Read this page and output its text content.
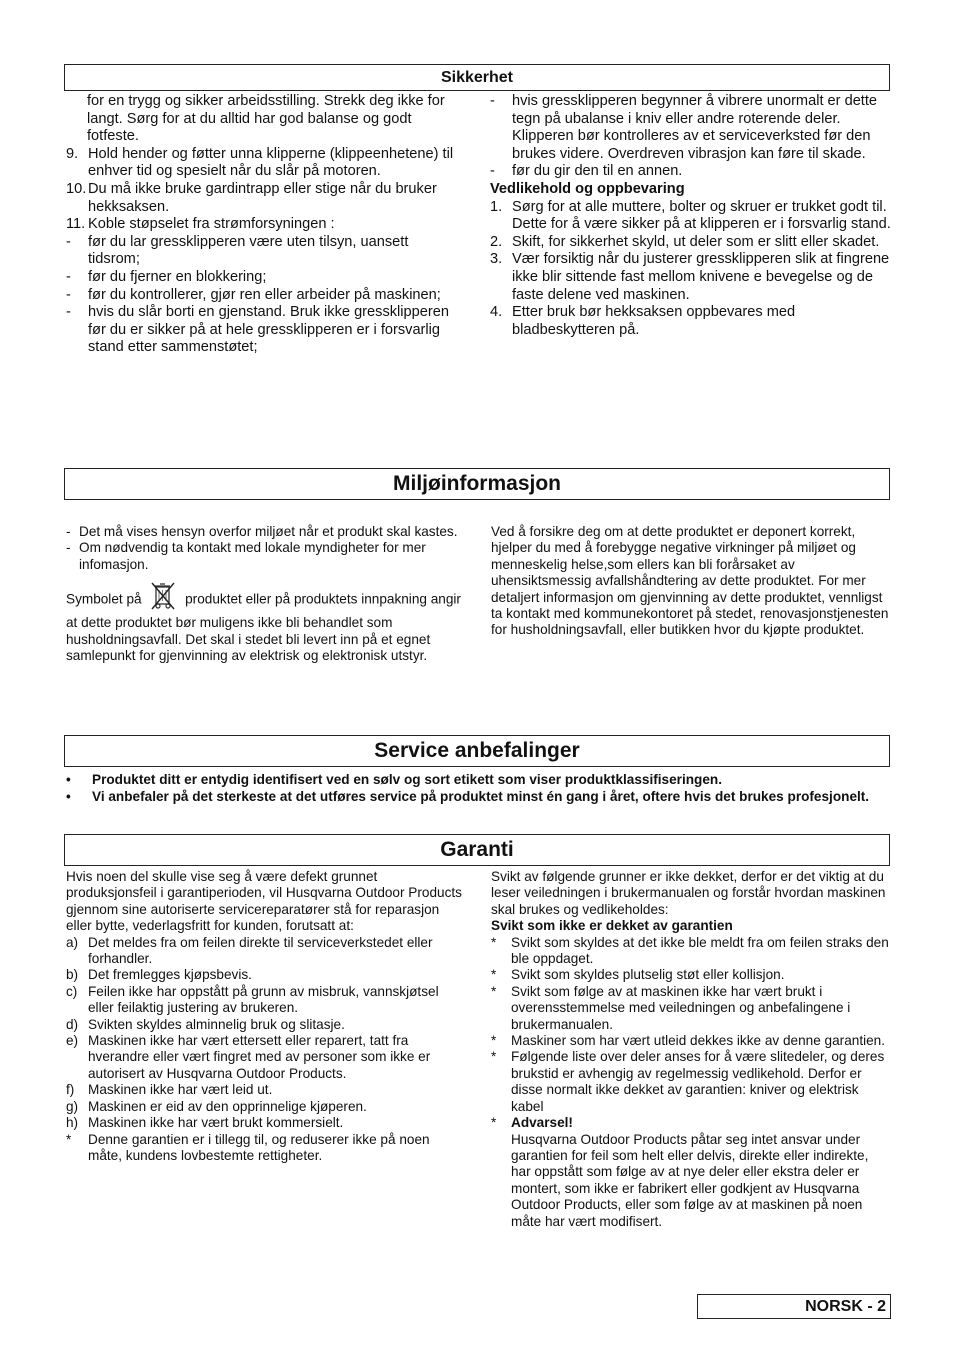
Sikkerhet
for en trygg og sikker arbeidsstilling. Strekk deg ikke for langt. Sørg for at du alltid har god balanse og godt fotfeste.
9. Hold hender og føtter unna klipperne (klippeenhetene) til enhver tid og spesielt når du slår på motoren.
10. Du må ikke bruke gardintrapp eller stige når du bruker hekksaksen.
11. Koble støpselet fra strømforsyningen :
-	før du lar gressklipperen være uten tilsyn, uansett tidsrom;
-	før du fjerner en blokkering;
-	før du kontrollerer, gjør ren eller arbeider på maskinen;
-	hvis du slår borti en gjenstand. Bruk ikke gressklipperen før du er sikker på at hele gressklipperen er i forsvarlig stand etter sammenstøtet;
-	hvis gressklipperen begynner å vibrere unormalt er dette tegn på ubalanse i kniv eller andre roterende deler. Klipperen bør kontrolleres av et serviceverksted før den brukes videre. Overdreven vibrasjon kan føre til skade.
-	før du gir den til en annen.
Vedlikehold og oppbevaring
1. Sørg for at alle muttere, bolter og skruer er trukket godt til. Dette for å være sikker på at klipperen er i forsvarlig stand.
2. Skift, for sikkerhet skyld, ut deler som er slitt eller skadet.
3. Vær forsiktig når du justerer gressklipperen slik at fingrene ikke blir sittende fast mellom knivene e bevegelse og de faste delene ved maskinen.
4. Etter bruk bør hekksaksen oppbevares med bladbeskytteren på.
Miljøinformasjon
- Det må vises hensyn overfor miljøet når et produkt skal kastes.
- Om nødvendig ta kontakt med lokale myndigheter for mer infomasjon.
Symbolet på	produktet eller på produktets innpakning angir at dette produktet bør muligens ikke bli behandlet som husholdningsavfall. Det skal i stedet bli levert inn på et egnet samlepunkt for gjenvinning av elektrisk og elektronisk utstyr.
Ved å forsikre deg om at dette produktet er deponert korrekt, hjelper du med å forebygge negative virkninger på miljøet og menneskelig helse,som ellers kan bli forårsaket av uhensiktsmessig avfallshåndtering av dette produktet. For mer detaljert informasjon om gjenvinning av dette produktet, vennligst ta kontakt med kommunekontoret på stedet, renovasjonstjenesten for husholdningsavfall, eller butikken hvor du kjøpte produktet.
Service anbefalinger
•	Produktet ditt er entydig identifisert ved en sølv og sort etikett som viser produktklassifiseringen.
•	Vi anbefaler på det sterkeste at det utføres service på produktet minst én gang i året, oftere hvis det brukes profesjonelt.
Garanti
Hvis noen del skulle vise seg å være defekt grunnet produksjonsfeil i garantiperioden, vil Husqvarna Outdoor Products gjennom sine autoriserte servicereparatører stå for reparasjon eller bytte, vederlagsfritt for kunden, forutsatt at:
a) Det meldes fra om feilen direkte til serviceverkstedet eller forhandler.
b) Det fremlegges kjøpsbevis.
c) Feilen ikke har oppstått på grunn av misbruk, vannskjøtsel eller feilaktig justering av brukeren.
d) Svikten skyldes alminnelig bruk og slitasje.
e) Maskinen ikke har vært ettersett eller reparert, tatt fra hverandre eller vært fingret med av personer som ikke er autorisert av Husqvarna Outdoor Products.
f)	Maskinen ikke har vært leid ut.
g) Maskinen er eid av den opprinnelige kjøperen.
h) Maskinen ikke har vært brukt kommersielt.
*	Denne garantien er i tillegg til, og reduserer ikke på noen måte, kundens lovbestemte rettigheter.
Svikt av følgende grunner er ikke dekket, derfor er det viktig at du leser veiledningen i brukermanualen og forstår hvordan maskinen skal brukes og vedlikeholdes:
Svikt som ikke er dekket av garantien
*	Svikt som skyldes at det ikke ble meldt fra om feilen straks den ble oppdaget.
*	Svikt som skyldes plutselig støt eller kollisjon.
*	Svikt som følge av at maskinen ikke har vært brukt i overensstemmelse med veiledningen og anbefalingene i brukermanualen.
*	Maskiner som har vært utleid dekkes ikke av denne garantien.
*	Følgende liste over deler anses for å være slitedeler, og deres brukstid er avhengig av regelmessig vedlikehold. Derfor er disse normalt ikke dekket av garantien: kniver og elektrisk kabel
*	Advarsel!
Husqvarna Outdoor Products påtar seg intet ansvar under garantien for feil som helt eller delvis, direkte eller indirekte, har oppstått som følge av at nye deler eller ekstra deler er montert, som ikke er fabrikert eller godkjent av Husqvarna Outdoor Products, eller som følge av at maskinen på noen måte har vært modifisert.
NORSK - 2
